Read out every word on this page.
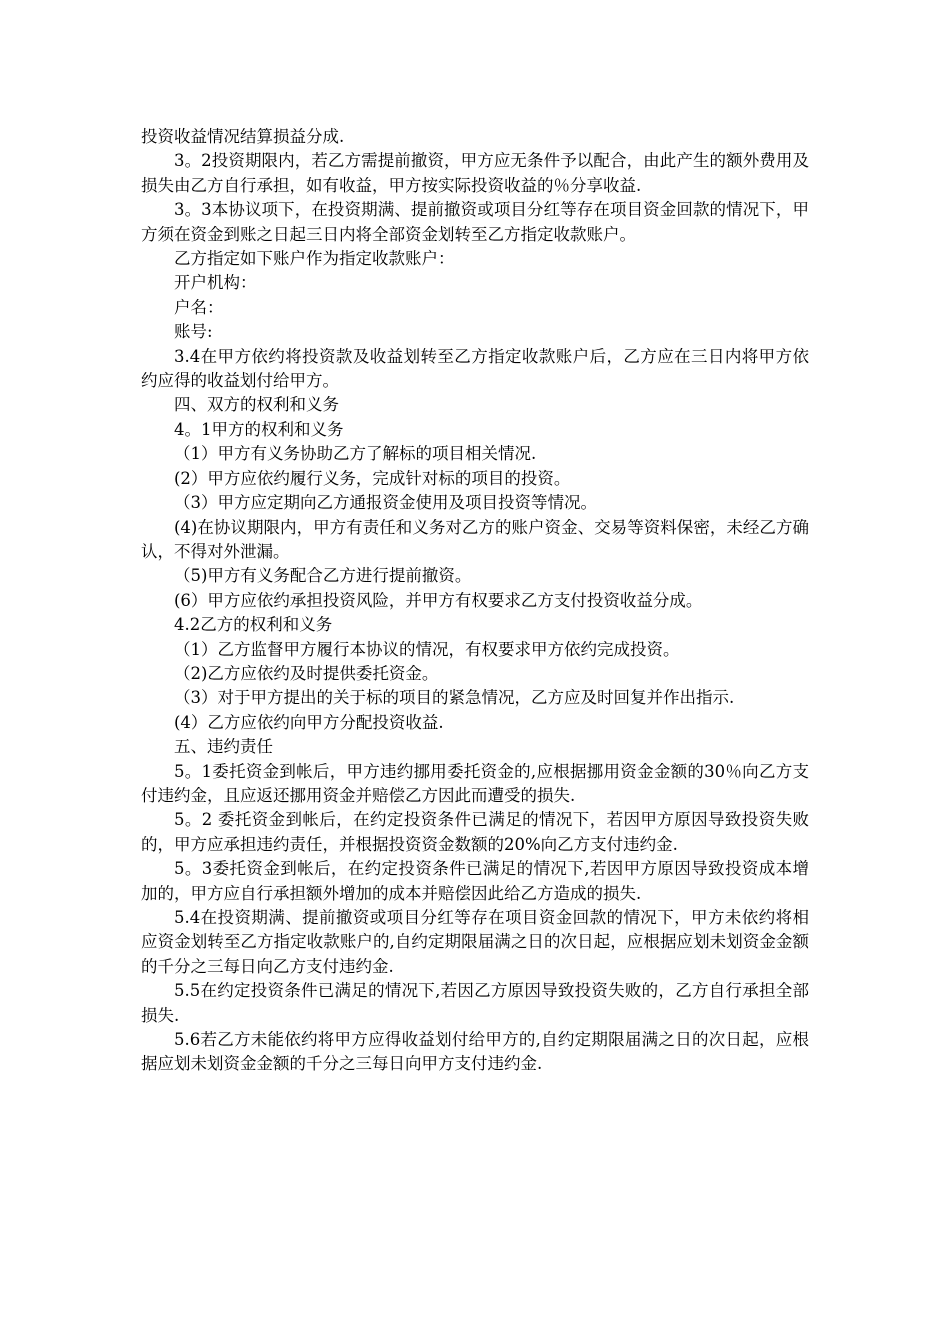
投资收益情况结算损益分成.

3。2投资期限内，若乙方需提前撤资，甲方应无条件予以配合，由此产生的额外费用及损失由乙方自行承担，如有收益，甲方按实际投资收益的％分享收益.

3。3本协议项下，在投资期满、提前撤资或项目分红等存在项目资金回款的情况下，甲方须在资金到账之日起三日内将全部资金划转至乙方指定收款账户。

乙方指定如下账户作为指定收款账户：

开户机构：

户名：

账号:

3.4在甲方依约将投资款及收益划转至乙方指定收款账户后，乙方应在三日内将甲方依约应得的收益划付给甲方。

四、双方的权利和义务

4。1甲方的权利和义务

（1）甲方有义务协助乙方了解标的项目相关情况.

(2）甲方应依约履行义务，完成针对标的项目的投资。

（3）甲方应定期向乙方通报资金使用及项目投资等情况。

(4)在协议期限内，甲方有责任和义务对乙方的账户资金、交易等资料保密，未经乙方确认，不得对外泄漏。

（5)甲方有义务配合乙方进行提前撤资。

(6）甲方应依约承担投资风险，并甲方有权要求乙方支付投资收益分成。

4.2乙方的权利和义务

（1）乙方监督甲方履行本协议的情况，有权要求甲方依约完成投资。

（2)乙方应依约及时提供委托资金。

（3）对于甲方提出的关于标的项目的紧急情况，乙方应及时回复并作出指示.

(4）乙方应依约向甲方分配投资收益.

五、违约责任

5。1委托资金到帐后，甲方违约挪用委托资金的,应根据挪用资金金额的30％向乙方支付违约金，且应返还挪用资金并赔偿乙方因此而遭受的损失.

5。2 委托资金到帐后，在约定投资条件已满足的情况下，若因甲方原因导致投资失败的，甲方应承担违约责任，并根据投资资金数额的20%向乙方支付违约金.

5。3委托资金到帐后，在约定投资条件已满足的情况下,若因甲方原因导致投资成本增加的，甲方应自行承担额外增加的成本并赔偿因此给乙方造成的损失.

5.4在投资期满、提前撤资或项目分红等存在项目资金回款的情况下，甲方未依约将相应资金划转至乙方指定收款账户的,自约定期限届满之日的次日起，应根据应划未划资金金额的千分之三每日向乙方支付违约金.

5.5在约定投资条件已满足的情况下,若因乙方原因导致投资失败的，乙方自行承担全部损失.

5.6若乙方未能依约将甲方应得收益划付给甲方的,自约定期限届满之日的次日起，应根据应划未划资金金额的千分之三每日向甲方支付违约金.
